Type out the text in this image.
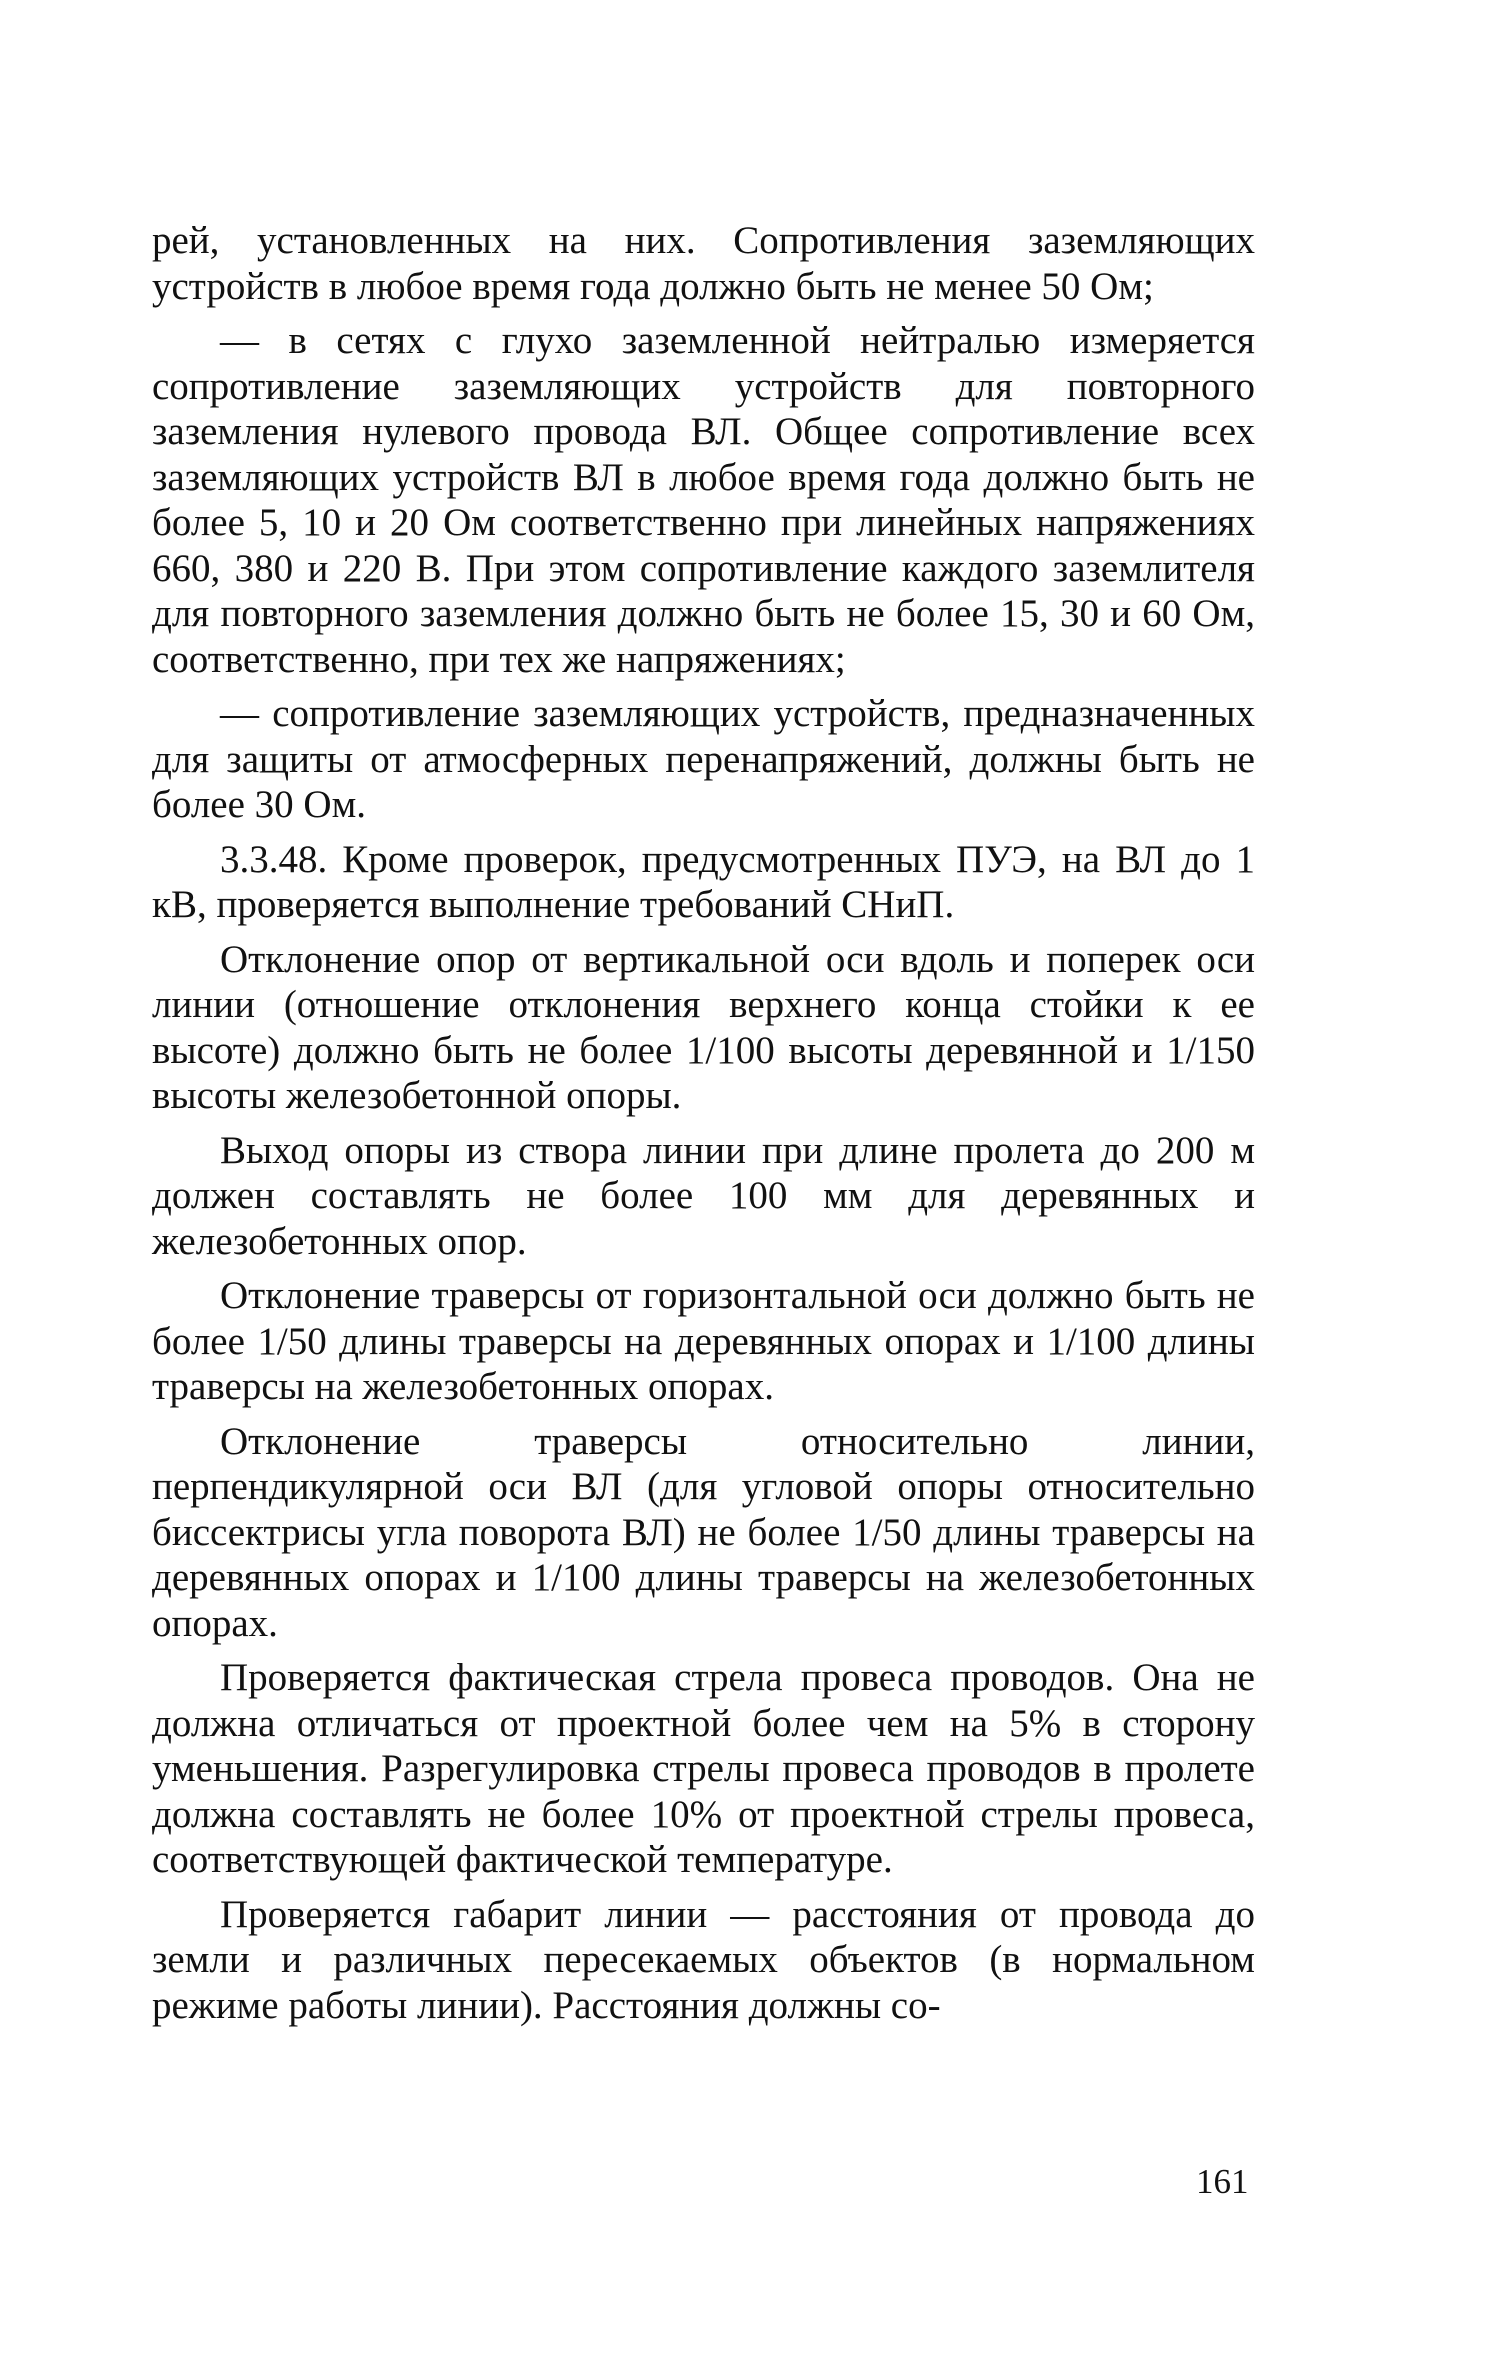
рей, установленных на них. Сопротивления заземляющих устройств в любое время года должно быть не менее 50 Ом;

— в сетях с глухо заземленной нейтралью измеряется сопротивление заземляющих устройств для повторного заземления нулевого провода ВЛ. Общее сопротивление всех заземляющих устройств ВЛ в любое время года должно быть не более 5, 10 и 20 Ом соответственно при линейных напряжениях 660, 380 и 220 В. При этом сопротивление каждого заземлителя для повторного заземления должно быть не более 15, 30 и 60 Ом, соответственно, при тех же напряжениях;

— сопротивление заземляющих устройств, предназначенных для защиты от атмосферных перенапряжений, должны быть не более 30 Ом.

3.3.48. Кроме проверок, предусмотренных ПУЭ, на ВЛ до 1 кВ, проверяется выполнение требований СНиП.

Отклонение опор от вертикальной оси вдоль и поперек оси линии (отношение отклонения верхнего конца стойки к ее высоте) должно быть не более 1/100 высоты деревянной и 1/150 высоты железобетонной опоры.

Выход опоры из створа линии при длине пролета до 200 м должен составлять не более 100 мм для деревянных и железобетонных опор.

Отклонение траверсы от горизонтальной оси должно быть не более 1/50 длины траверсы на деревянных опорах и 1/100 длины траверсы на железобетонных опорах.

Отклонение траверсы относительно линии, перпендикулярной оси ВЛ (для угловой опоры относительно биссектрисы угла поворота ВЛ) не более 1/50 длины траверсы на деревянных опорах и 1/100 длины траверсы на железобетонных опорах.

Проверяется фактическая стрела провеса проводов. Она не должна отличаться от проектной более чем на 5% в сторону уменьшения. Разрегулировка стрелы провеса проводов в пролете должна составлять не более 10% от проектной стрелы провеса, соответствующей фактической температуре.

Проверяется габарит линии — расстояния от провода до земли и различных пересекаемых объектов (в нормальном режиме работы линии). Расстояния должны со-

161
